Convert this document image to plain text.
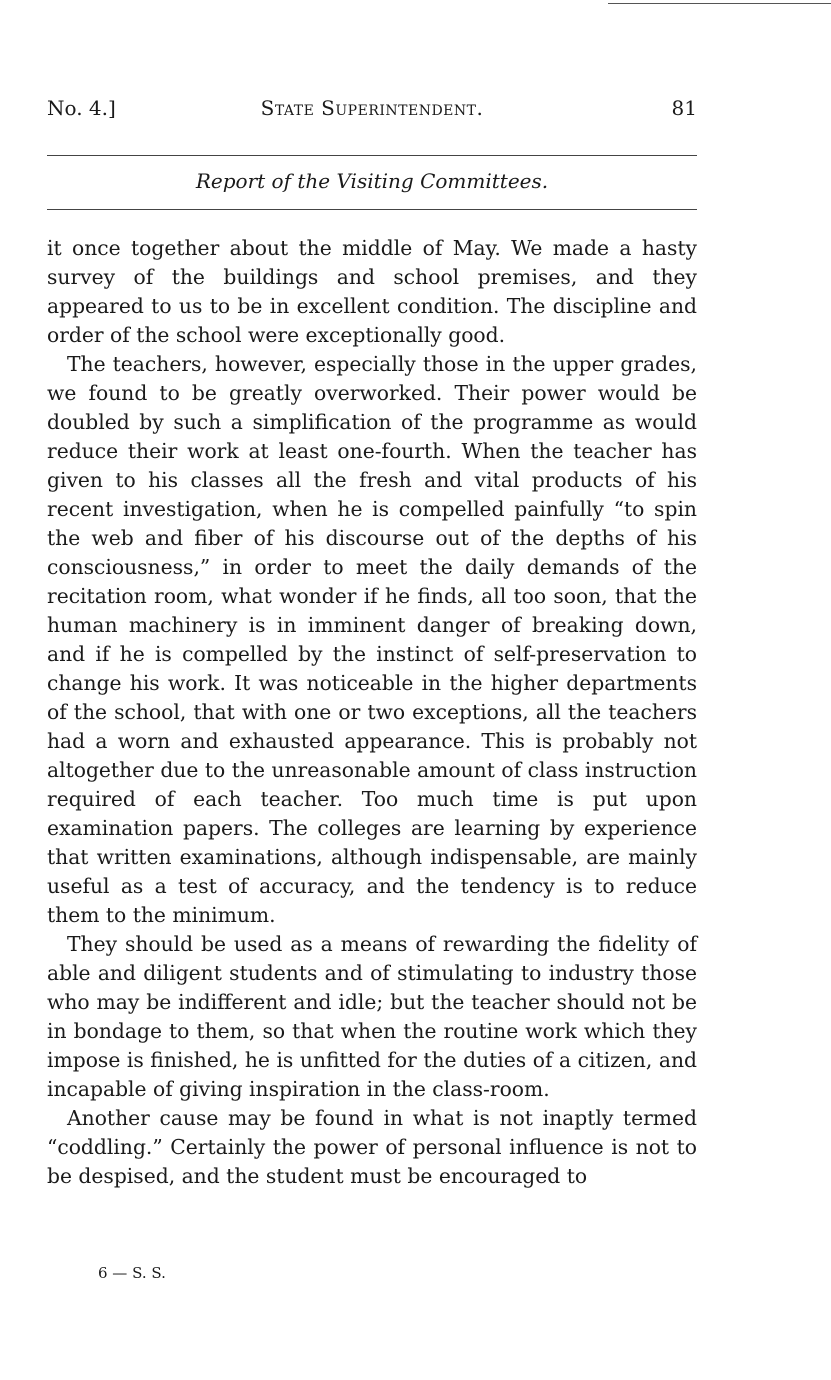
No. 4.]	State Superintendent.	81
Report of the Visiting Committees.

it once together about the middle of May. We made a hasty survey of the buildings and school premises, and they appeared to us to be in excellent condition. The discipline and order of the school were exceptionally good.

The teachers, however, especially those in the upper grades, we found to be greatly overworked. Their power would be doubled by such a simplification of the programme as would reduce their work at least one-fourth. When the teacher has given to his classes all the fresh and vital products of his recent investigation, when he is compelled painfully “to spin the web and fiber of his discourse out of the depths of his consciousness,” in order to meet the daily demands of the recitation room, what wonder if he finds, all too soon, that the human machinery is in imminent danger of breaking down, and if he is compelled by the instinct of self-preservation to change his work. It was noticeable in the higher departments of the school, that with one or two exceptions, all the teachers had a worn and exhausted appearance. This is probably not altogether due to the unreasonable amount of class instruction required of each teacher. Too much time is put upon examination papers. The colleges are learning by experience that written examinations, although indispensable, are mainly useful as a test of accuracy, and the tendency is to reduce them to the minimum.

They should be used as a means of rewarding the fidelity of able and diligent students and of stimulating to industry those who may be indifferent and idle; but the teacher should not be in bondage to them, so that when the routine work which they impose is finished, he is unfitted for the duties of a citizen, and incapable of giving inspiration in the class-room.

Another cause may be found in what is not inaptly termed “coddling.” Certainly the power of personal influence is not to be despised, and the student must be encouraged to

6 — S. S.
